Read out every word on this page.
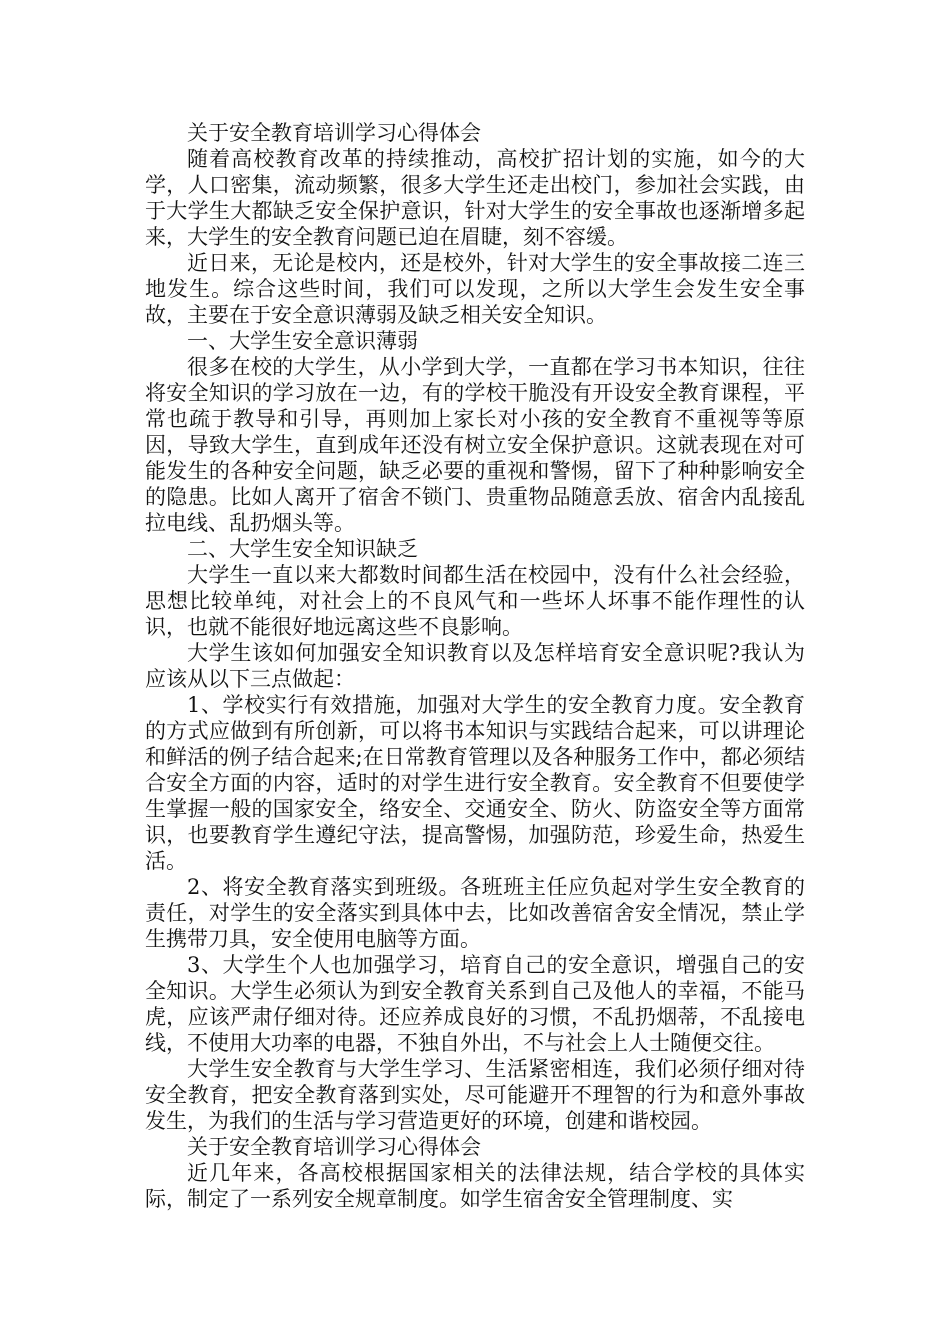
关于安全教育培训学习心得体会

随着高校教育改革的持续推动，高校扩招计划的实施，如今的大学，人口密集，流动频繁，很多大学生还走出校门，参加社会实践，由于大学生大都缺乏安全保护意识，针对大学生的安全事故也逐渐增多起来，大学生的安全教育问题已迫在眉睫，刻不容缓。

近日来，无论是校内，还是校外，针对大学生的安全事故接二连三地发生。综合这些时间，我们可以发现，之所以大学生会发生安全事故，主要在于安全意识薄弱及缺乏相关安全知识。

一、大学生安全意识薄弱

很多在校的大学生，从小学到大学，一直都在学习书本知识，往往将安全知识的学习放在一边，有的学校干脆没有开设安全教育课程，平常也疏于教导和引导，再则加上家长对小孩的安全教育不重视等等原因，导致大学生，直到成年还没有树立安全保护意识。这就表现在对可能发生的各种安全问题，缺乏必要的重视和警惕，留下了种种影响安全的隐患。比如人离开了宿舍不锁门、贵重物品随意丢放、宿舍内乱接乱拉电线、乱扔烟头等。

二、大学生安全知识缺乏

大学生一直以来大都数时间都生活在校园中，没有什么社会经验，思想比较单纯，对社会上的不良风气和一些坏人坏事不能作理性的认识，也就不能很好地远离这些不良影响。

大学生该如何加强安全知识教育以及怎样培育安全意识呢?我认为应该从以下三点做起：

1、学校实行有效措施，加强对大学生的安全教育力度。安全教育的方式应做到有所创新，可以将书本知识与实践结合起来，可以讲理论和鲜活的例子结合起来;在日常教育管理以及各种服务工作中，都必须结合安全方面的内容，适时的对学生进行安全教育。安全教育不但要使学生掌握一般的国家安全，络安全、交通安全、防火、防盗安全等方面常识，也要教育学生遵纪守法，提高警惕，加强防范，珍爱生命，热爱生活。

2、将安全教育落实到班级。各班班主任应负起对学生安全教育的责任，对学生的安全落实到具体中去，比如改善宿舍安全情况，禁止学生携带刀具，安全使用电脑等方面。

3、大学生个人也加强学习，培育自己的安全意识，增强自己的安全知识。大学生必须认为到安全教育关系到自己及他人的幸福，不能马虎，应该严肃仔细对待。还应养成良好的习惯，不乱扔烟蒂，不乱接电线，不使用大功率的电器，不独自外出，不与社会上人士随便交往。

大学生安全教育与大学生学习、生活紧密相连，我们必须仔细对待安全教育，把安全教育落到实处，尽可能避开不理智的行为和意外事故发生，为我们的生活与学习营造更好的环境，创建和谐校园。

关于安全教育培训学习心得体会

近几年来，各高校根据国家相关的法律法规，结合学校的具体实际，制定了一系列安全规章制度。如学生宿舍安全管理制度、实
